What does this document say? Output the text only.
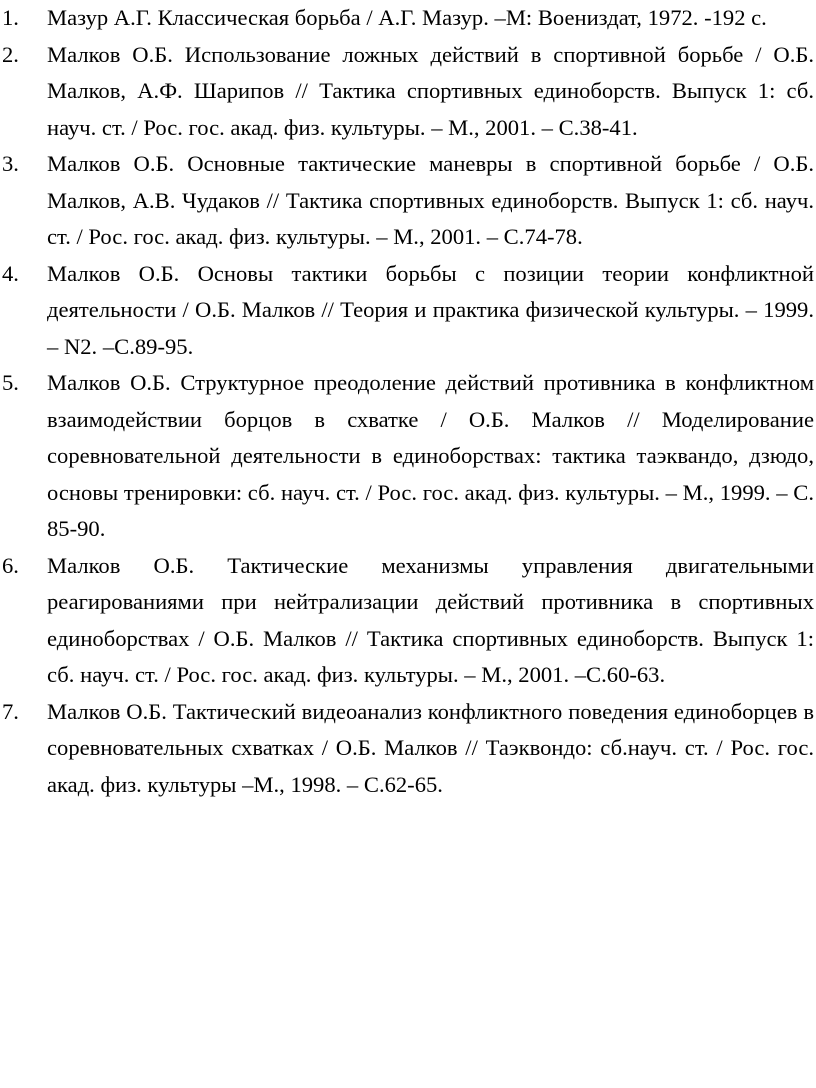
1.	Мазур А.Г. Классическая борьба / А.Г. Мазур. –М: Воениздат, 1972. -192 с.
2.	Малков О.Б. Использование ложных действий в спортивной борьбе / О.Б. Малков, А.Ф. Шарипов // Тактика спортивных единоборств. Выпуск 1: сб. науч. ст. / Рос. гос. акад. физ. культуры. – М., 2001. – С.38-41.
3.	Малков О.Б. Основные тактические маневры в спортивной борьбе / О.Б. Малков, А.В. Чудаков // Тактика спортивных единоборств. Выпуск 1: сб. науч. ст. / Рос. гос. акад. физ. культуры. – М., 2001. – С.74-78.
4.	Малков О.Б. Основы тактики борьбы с позиции теории конфликтной деятельности / О.Б. Малков // Теория и практика физической культуры. – 1999. – N2. –С.89-95.
5.	Малков О.Б. Структурное преодоление действий противника в конфликтном взаимодействии борцов в схватке / О.Б. Малков // Моделирование соревновательной деятельности в единоборствах: тактика таэквандо, дзюдо, основы тренировки: сб. науч. ст. / Рос. гос. акад. физ. культуры. – М., 1999. – С. 85-90.
6.	Малков О.Б. Тактические механизмы управления двигательными реагированиями при нейтрализации действий противника в спортивных единоборствах / О.Б. Малков // Тактика спортивных единоборств. Выпуск 1: сб. науч. ст. / Рос. гос. акад. физ. культуры. – М., 2001. –С.60-63.
7.	Малков О.Б. Тактический видеоанализ конфликтного поведения единоборцев в соревновательных схватках / О.Б. Малков // Таэквондо: сб.науч. ст. / Рос. гос. акад. физ. культуры –М., 1998. – С.62-65.
